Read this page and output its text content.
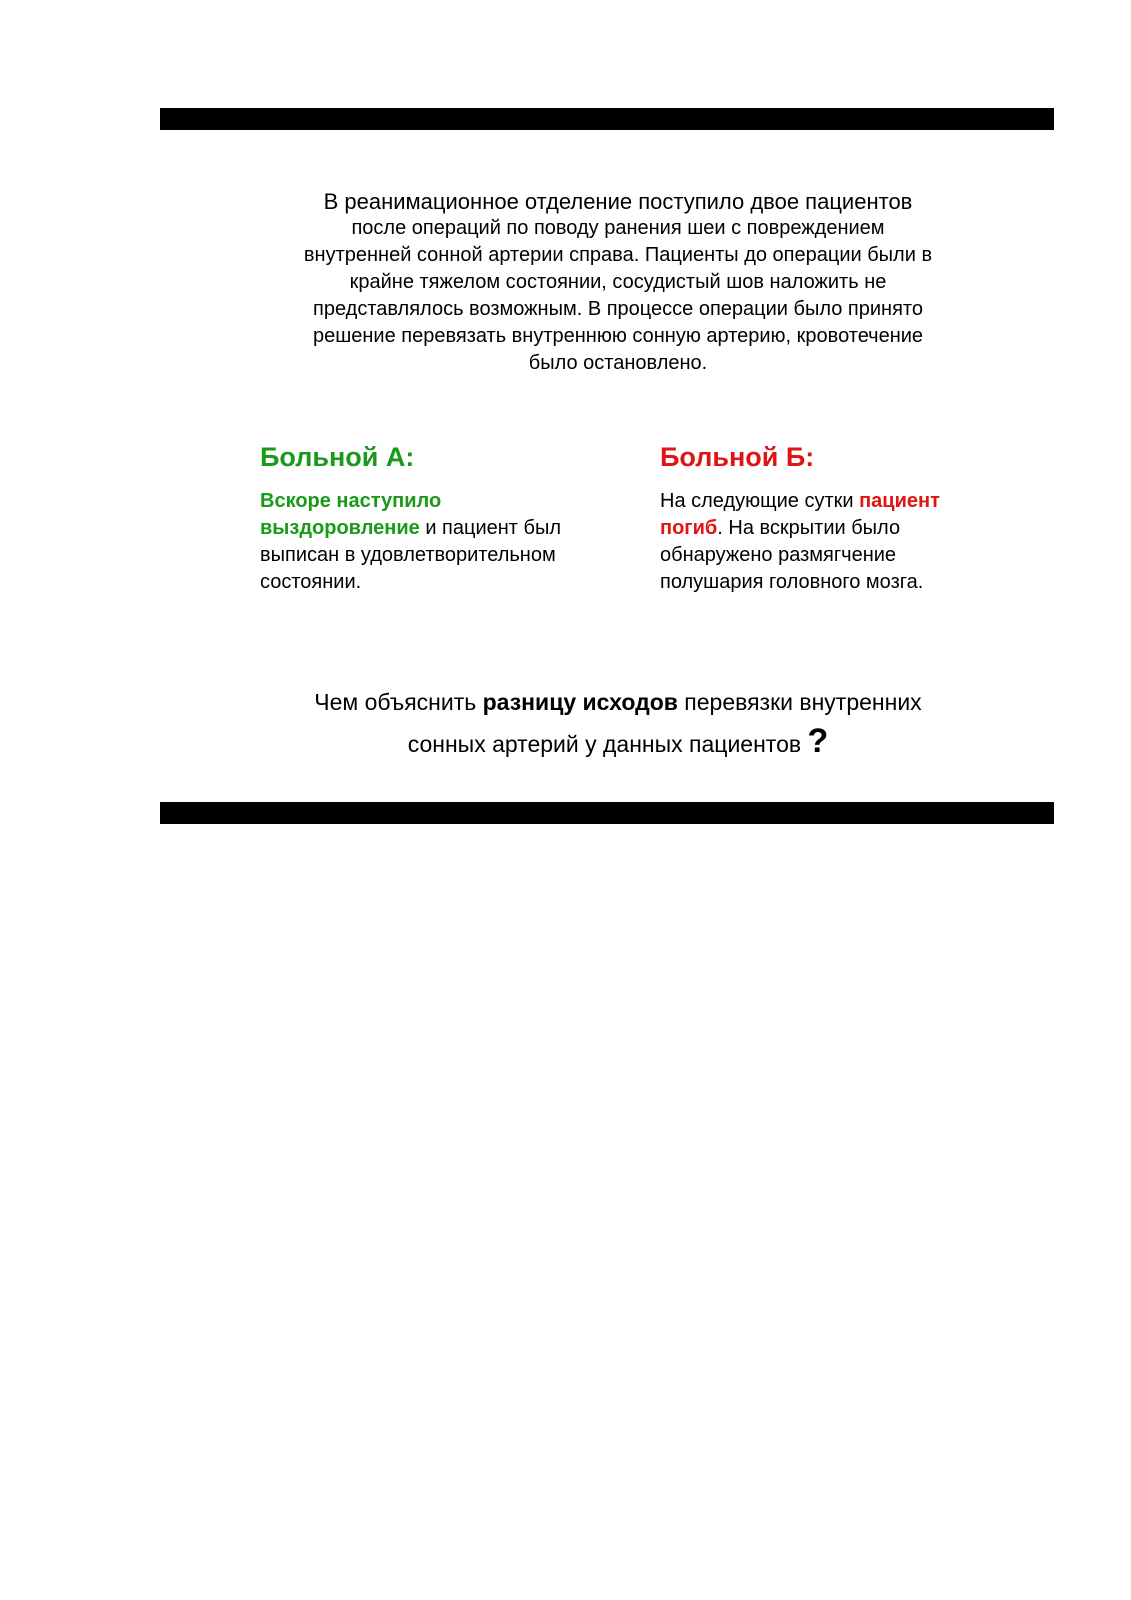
В реанимационное отделение поступило двое пациентов
после операций по поводу ранения шеи с повреждением
внутренней сонной артерии справа. Пациенты до операции были в
крайне тяжелом состоянии, сосудистый шов наложить не
представлялось возможным. В процессе операции было принято
решение перевязать внутреннюю сонную артерию, кровотечение
было остановлено.
Больной А:
Вскоре наступило
выздоровление и пациент был
выписан в удовлетворительном
состоянии.
Больной Б:
На следующие сутки пациент
погиб. На вскрытии было
обнаружено размягчение
полушария головного мозга.
Чем объяснить разницу исходов перевязки внутренних
сонных артерий у данных пациентов ?
